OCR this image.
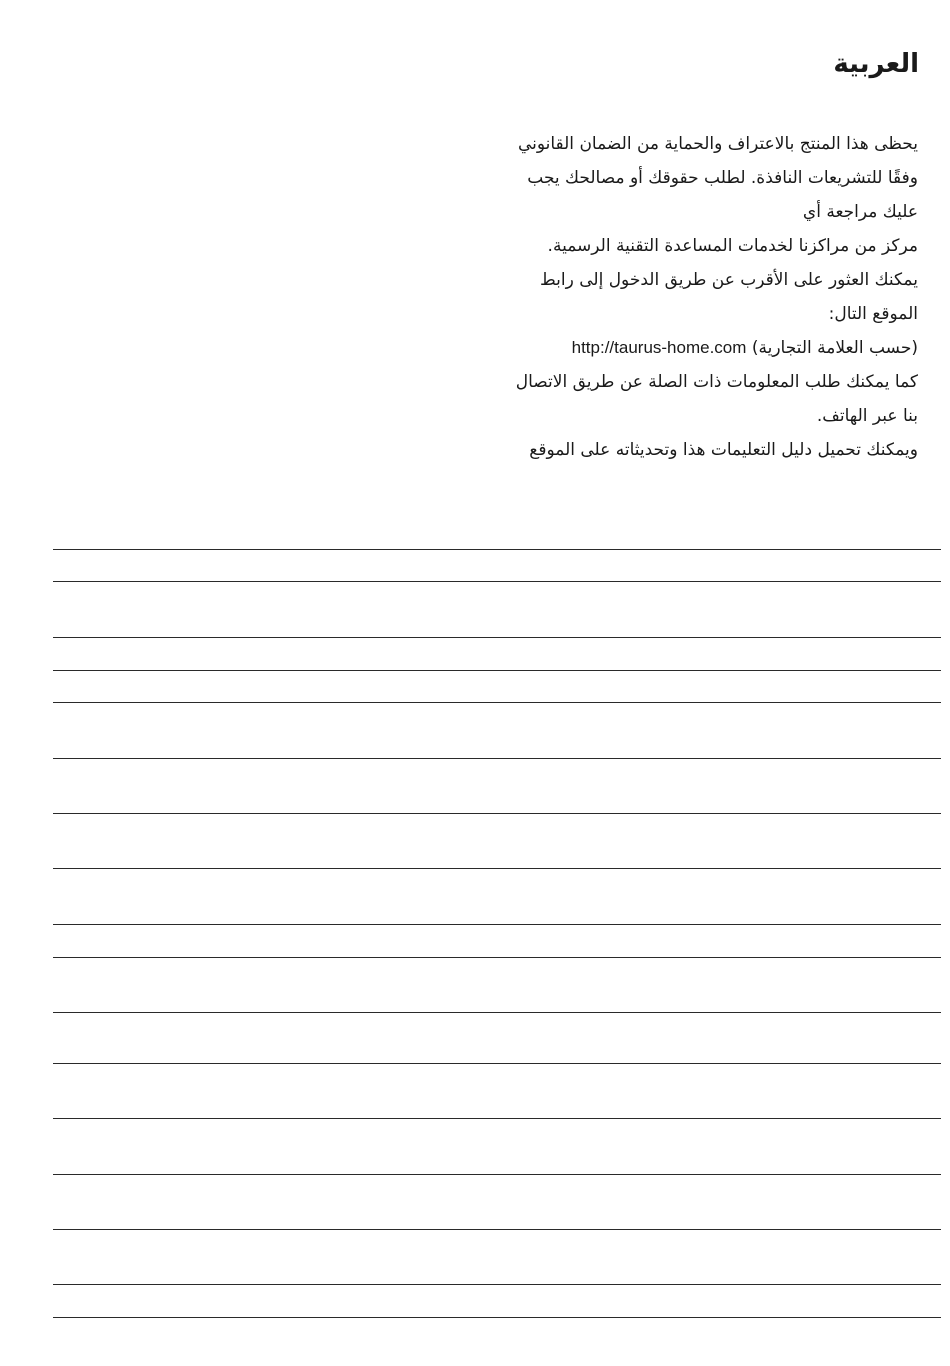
العربية
يحظى هذا المنتج بالاعتراف والحماية من الضمان القانوني
وفقًا للتشريعات النافذة. لطلب حقوقك أو مصالحك يجب
عليك مراجعة أي
مركز من مراكزنا لخدمات المساعدة التقنية الرسمية.
يمكنك العثور على الأقرب عن طريق الدخول إلى رابط
الموقع التال:
(حسب العلامة التجارية) http://taurus-home.com
كما يمكنك طلب المعلومات ذات الصلة عن طريق الاتصال
بنا عبر الهاتف.
ويمكنك تحميل دليل التعليمات هذا وتحديثاته على الموقع
